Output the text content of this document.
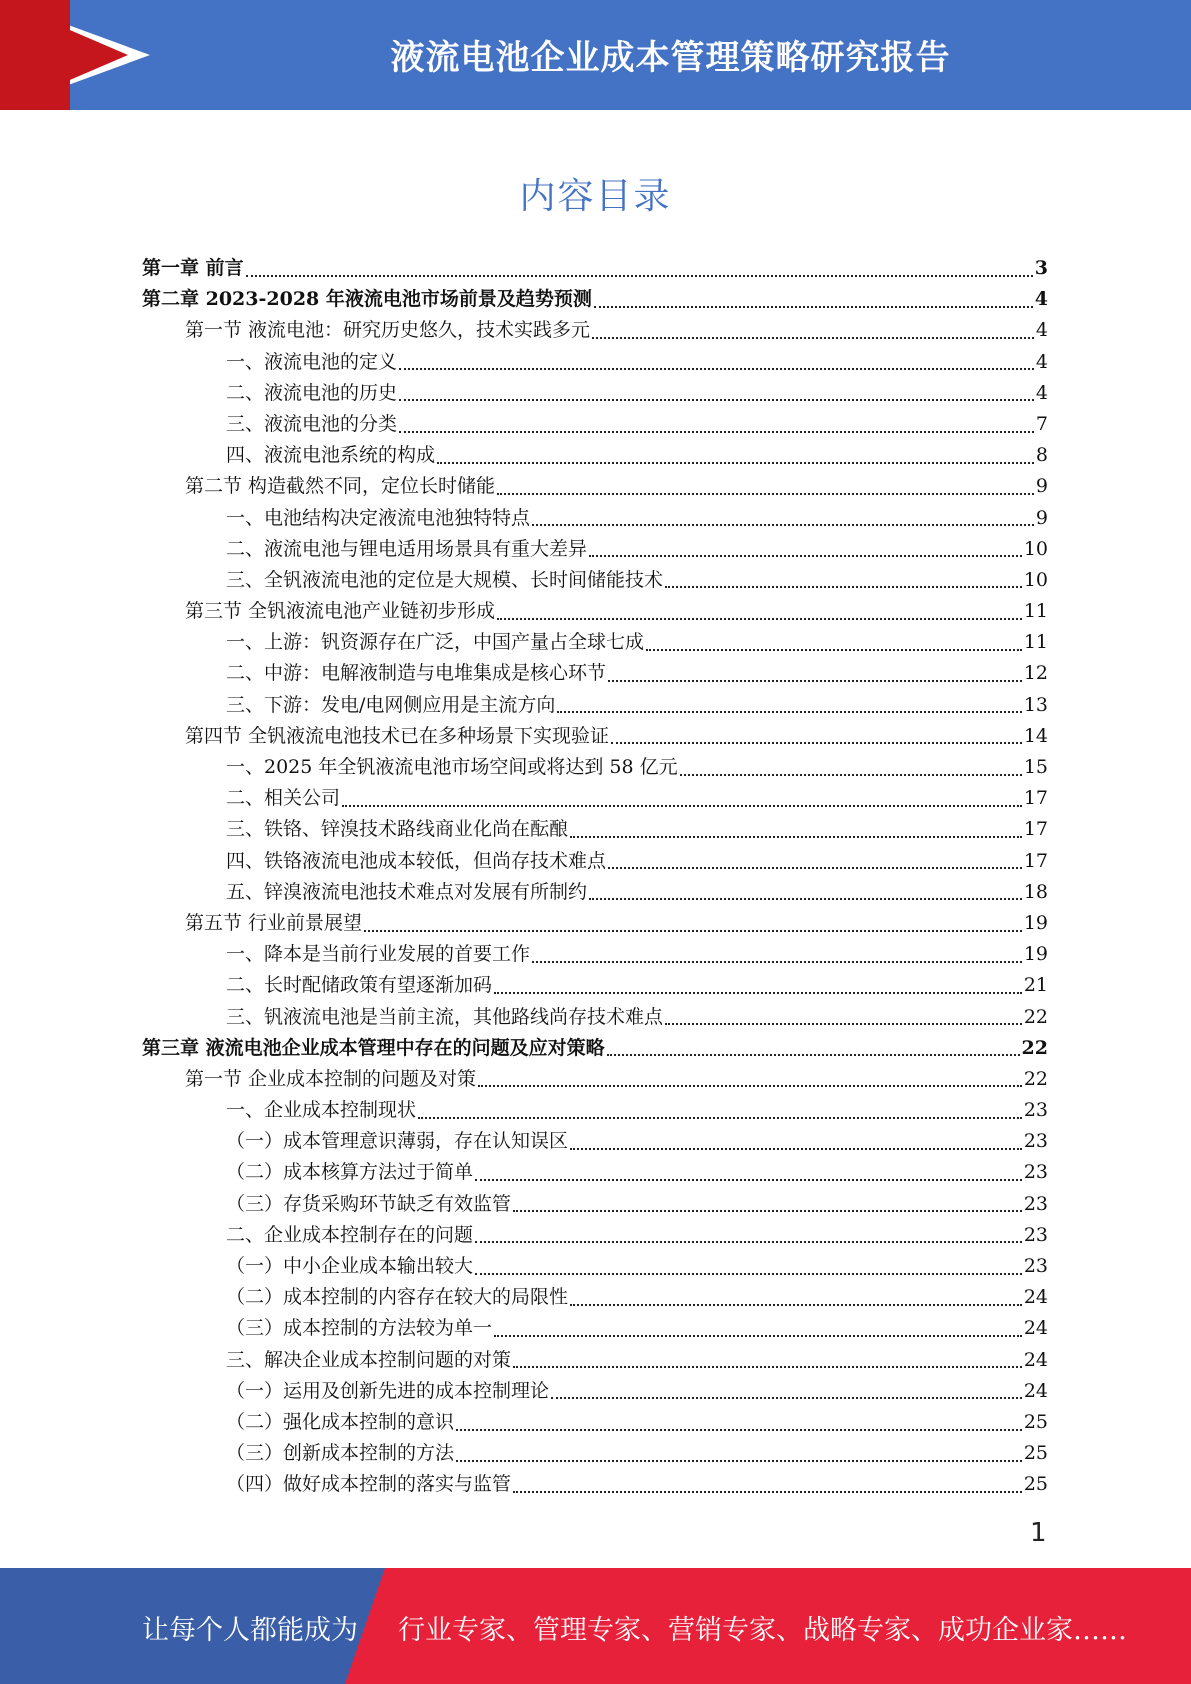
液流电池企业成本管理策略研究报告
内容目录
第一章 前言	3
第二章 2023-2028 年液流电池市场前景及趋势预测	4
第一节 液流电池：研究历史悠久，技术实践多元	4
一、液流电池的定义	4
二、液流电池的历史	4
三、液流电池的分类	7
四、液流电池系统的构成	8
第二节 构造截然不同，定位长时储能	9
一、电池结构决定液流电池独特特点	9
二、液流电池与锂电适用场景具有重大差异	10
三、全钒液流电池的定位是大规模、长时间储能技术	10
第三节 全钒液流电池产业链初步形成	11
一、上游：钒资源存在广泛，中国产量占全球七成	11
二、中游：电解液制造与电堆集成是核心环节	12
三、下游：发电/电网侧应用是主流方向	13
第四节 全钒液流电池技术已在多种场景下实现验证	14
一、2025 年全钒液流电池市场空间或将达到 58 亿元	15
二、相关公司	17
三、铁铬、锌溴技术路线商业化尚在酝酿	17
四、铁铬液流电池成本较低，但尚存技术难点	17
五、锌溴液流电池技术难点对发展有所制约	18
第五节 行业前景展望	19
一、降本是当前行业发展的首要工作	19
二、长时配储政策有望逐渐加码	21
三、钒液流电池是当前主流，其他路线尚存技术难点	22
第三章 液流电池企业成本管理中存在的问题及应对策略	22
第一节 企业成本控制的问题及对策	22
一、企业成本控制现状	23
（一）成本管理意识薄弱，存在认知误区	23
（二）成本核算方法过于简单	23
（三）存货采购环节缺乏有效监管	23
二、企业成本控制存在的问题	23
（一）中小企业成本输出较大	23
（二）成本控制的内容存在较大的局限性	24
（三）成本控制的方法较为单一	24
三、解决企业成本控制问题的对策	24
（一）运用及创新先进的成本控制理论	24
（二）强化成本控制的意识	25
（三）创新成本控制的方法	25
（四）做好成本控制的落实与监管	25
1
让每个人都能成为 行业专家、管理专家、营销专家、战略专家、成功企业家……
